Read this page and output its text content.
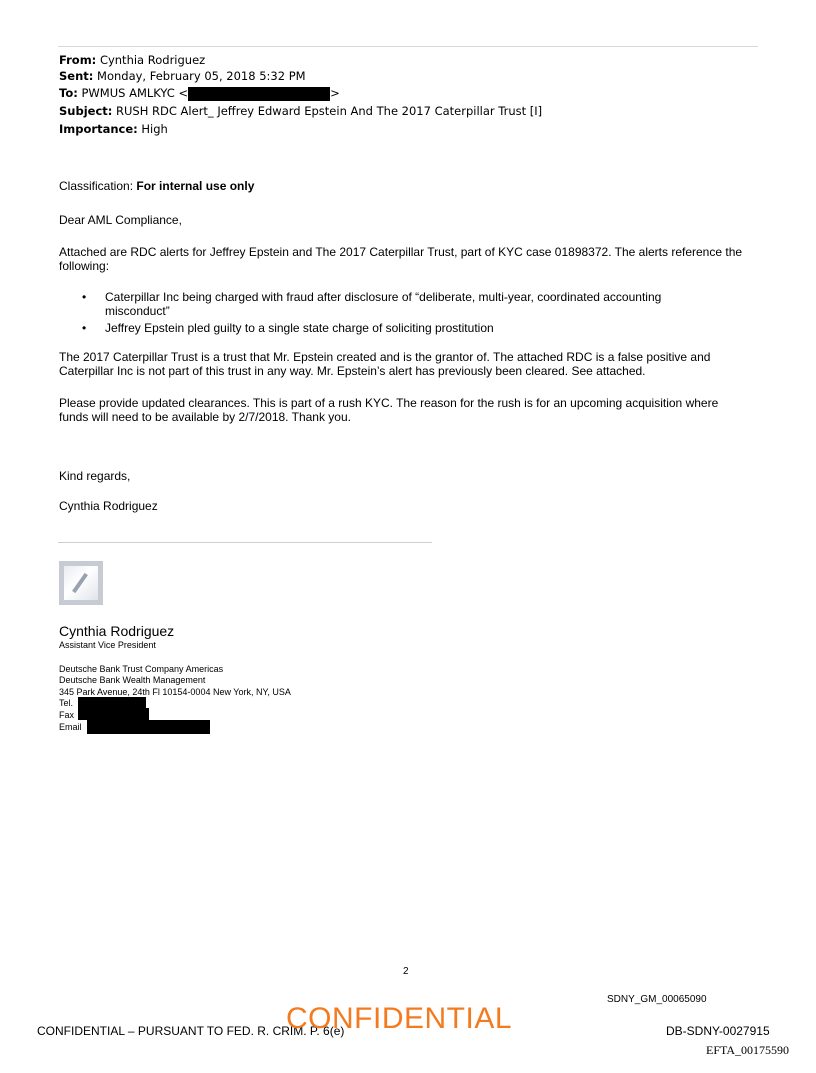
From: Cynthia Rodriguez
Sent: Monday, February 05, 2018 5:32 PM
To: PWMUS AMLKYC <	>
Subject: RUSH RDC Alert_ Jeffrey Edward Epstein And The 2017 Caterpillar Trust [I]
Importance: High
Classification: For internal use only
Dear AML Compliance,
Attached are RDC alerts for Jeffrey Epstein and The 2017 Caterpillar Trust, part of KYC case 01898372. The alerts reference the following:
• Caterpillar Inc being charged with fraud after disclosure of “deliberate, multi-year, coordinated accounting misconduct”
• Jeffrey Epstein pled guilty to a single state charge of soliciting prostitution
The 2017 Caterpillar Trust is a trust that Mr. Epstein created and is the grantor of. The attached RDC is a false positive and Caterpillar Inc is not part of this trust in any way. Mr. Epstein’s alert has previously been cleared. See attached.
Please provide updated clearances. This is part of a rush KYC. The reason for the rush is for an upcoming acquisition where funds will need to be available by 2/7/2018. Thank you.
Kind regards,
Cynthia Rodriguez
Cynthia Rodriguez
Assistant Vice President
Deutsche Bank Trust Company Americas
Deutsche Bank Wealth Management
345 Park Avenue, 24th Fl 10154-0004 New York, NY, USA
Tel.
Fax
Email
2
SDNY_GM_00065090
CONFIDENTIAL – PURSUANT TO FED. R. CRIM. P. 6(e)
CONFIDENTIAL	DB-SDNY-0027915
EFTA_00175590
